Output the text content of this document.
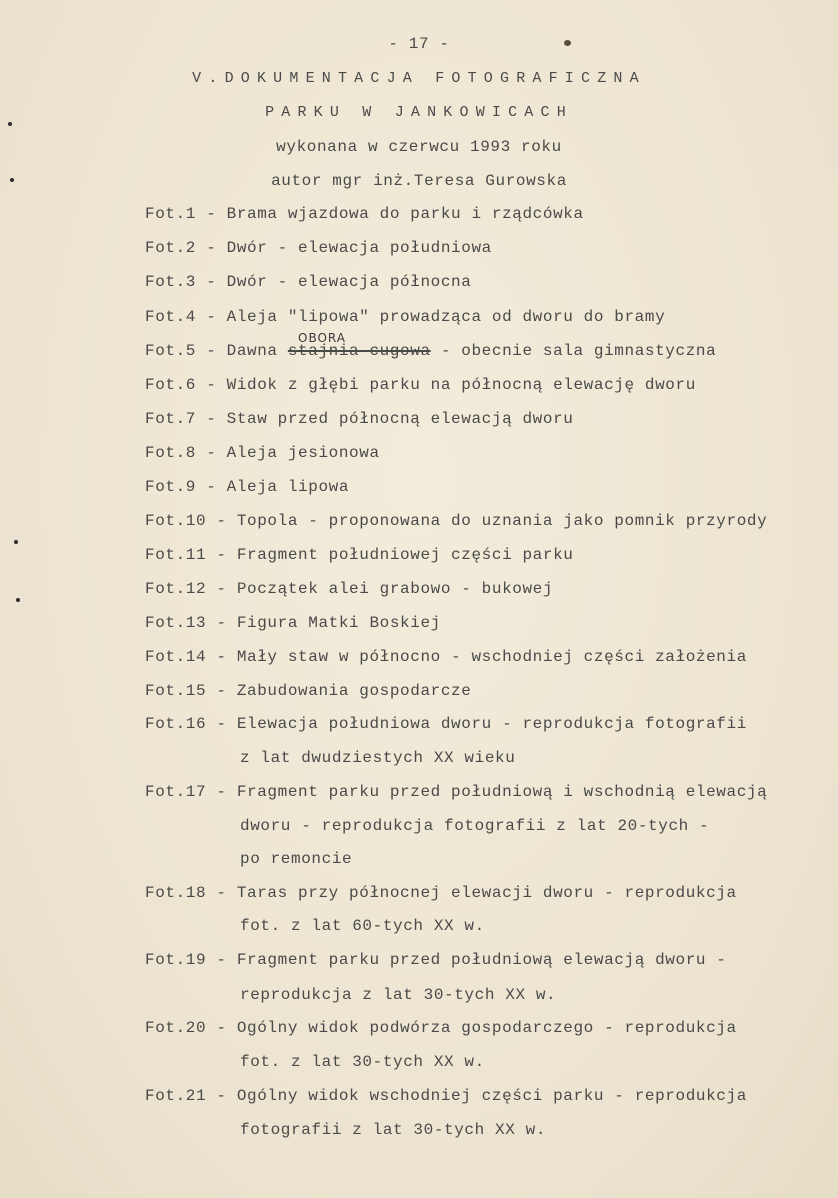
- 17 -
V.DOKUMENTACJA FOTOGRAFICZNA
PARKU W JANKOWICACH
wykonana w czerwcu 1993 roku
autor mgr inż.Teresa Gurowska
Fot.1 - Brama wjazdowa do parku i rządcówka
Fot.2 - Dwór - elewacja południowa
Fot.3 - Dwór - elewacja północna
Fot.4 - Aleja "lipowa" prowadząca od dworu do bramy
Fot.5 - Dawna stajnia cugowa - obecnie sala gimnastyczna
OBORA
Fot.6 - Widok z głębi parku na północną elewację dworu
Fot.7 - Staw przed północną elewacją dworu
Fot.8 - Aleja jesionowa
Fot.9 - Aleja lipowa
Fot.10 - Topola - proponowana do uznania jako pomnik przyrody
Fot.11 - Fragment południowej części parku
Fot.12 - Początek alei grabowo - bukowej
Fot.13 - Figura Matki Boskiej
Fot.14 - Mały staw w północno - wschodniej części założenia
Fot.15 - Zabudowania gospodarcze
Fot.16 - Elewacja południowa dworu - reprodukcja fotografii
z lat dwudziestych XX wieku
Fot.17 - Fragment parku przed południową i wschodnią elewacją
dworu - reprodukcja fotografii z lat 20-tych -
po remoncie
Fot.18 - Taras przy północnej elewacji dworu - reprodukcja
fot. z lat 60-tych XX w.
Fot.19 - Fragment parku przed południową elewacją dworu -
reprodukcja z lat 30-tych XX w.
Fot.20 - Ogólny widok podwórza gospodarczego - reprodukcja
fot. z lat 30-tych XX w.
Fot.21 - Ogólny widok wschodniej części parku - reprodukcja
fotografii z lat 30-tych XX w.
